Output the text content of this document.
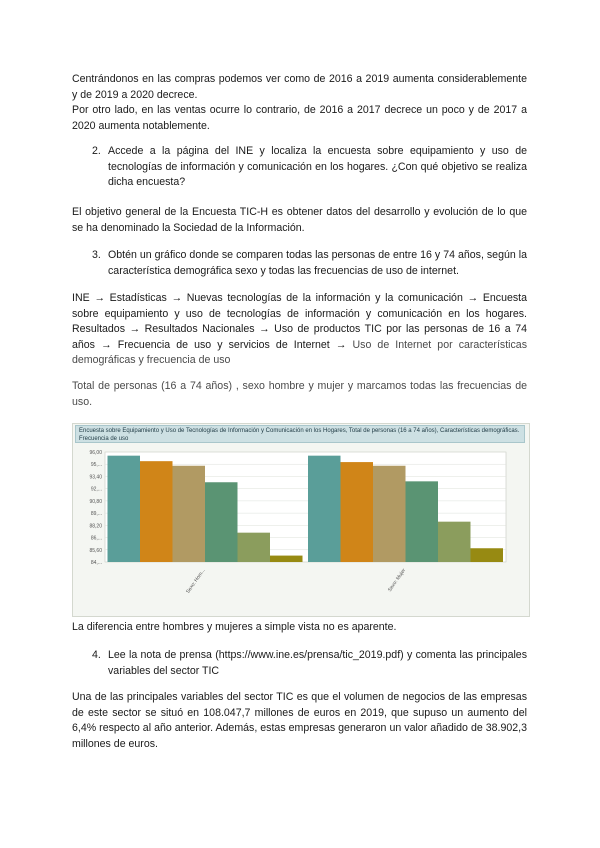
Centrándonos en las compras podemos ver como de 2016 a 2019 aumenta considerablemente y de 2019 a 2020 decrece.
Por otro lado, en las ventas ocurre lo contrario, de 2016 a 2017 decrece un poco y de 2017 a 2020 aumenta notablemente.

2. Accede a la página del INE y localiza la encuesta sobre equipamiento y uso de tecnologías de información y comunicación en los hogares. ¿Con qué objetivo se realiza dicha encuesta?

El objetivo general de la Encuesta TIC-H es obtener datos del desarrollo y evolución de lo que se ha denominado la Sociedad de la Información.

3. Obtén un gráfico donde se comparen todas las personas de entre 16 y 74 años, según la característica demográfica sexo y todas las frecuencias de uso de internet.

INE → Estadísticas → Nuevas tecnologías de la información y la comunicación → Encuesta sobre equipamiento y uso de tecnologías de información y comunicación en los hogares. Resultados → Resultados Nacionales → Uso de productos TIC por las personas de 16 a 74 años → Frecuencia de uso y servicios de Internet → Uso de Internet por características demográficas y frecuencia de uso

Total de personas (16 a 74 años) , sexo hombre y mujer y marcamos todas las frecuencias de uso.

Encuesta sobre Equipamiento y Uso de Tecnologías de Información y Comunicación en los Hogares, Total de personas (16 a 74 años), Características demográficas. Frecuencia de uso
96,00
95,...
93,40
92,...
90,80
89,...
88,20
86,...
85,60
84,...
Sexo: Hom...	Sexo: Mujer

La diferencia entre hombres y mujeres a simple vista no es aparente.

4. Lee la nota de prensa (https://www.ine.es/prensa/tic_2019.pdf) y comenta las principales variables del sector TIC

Una de las principales variables del sector TIC es que el volumen de negocios de las empresas de este sector se situó en 108.047,7 millones de euros en 2019, que supuso un aumento del 6,4% respecto al año anterior. Además, estas empresas generaron un valor añadido de 38.902,3 millones de euros.
